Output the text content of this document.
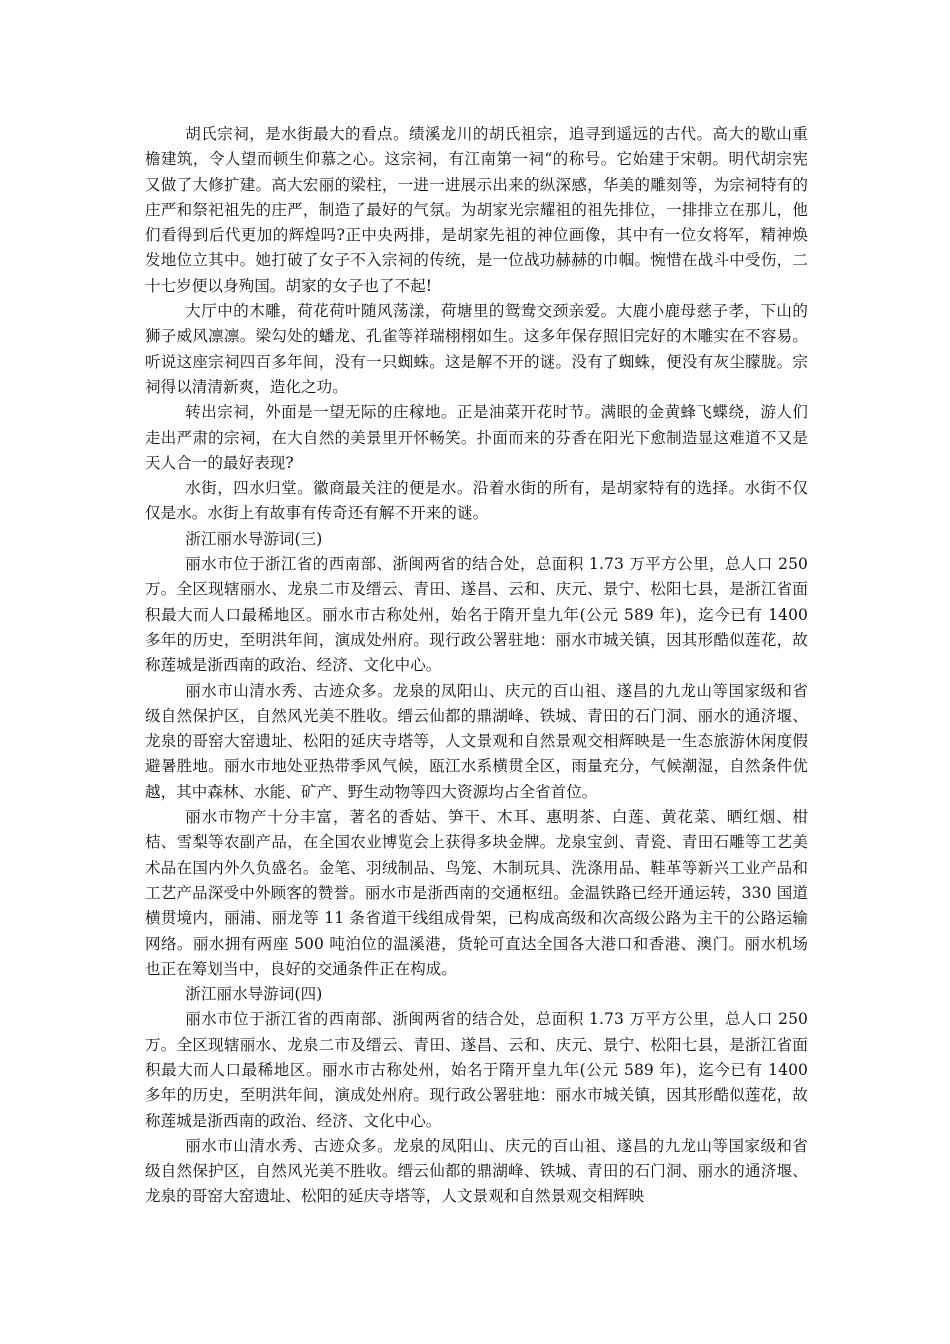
胡氏宗祠，是水街最大的看点。绩溪龙川的胡氏祖宗，追寻到遥远的古代。高大的歇山重檐建筑，令人望而顿生仰慕之心。这宗祠，有江南第一祠“的称号。它始建于宋朝。明代胡宗宪又做了大修扩建。高大宏丽的梁柱，一进一进展示出来的纵深感，华美的雕刻等，为宗祠特有的庄严和祭祀祖先的庄严，制造了最好的气氛。为胡家光宗耀祖的祖先排位，一排排立在那儿，他们看得到后代更加的辉煌吗?正中央两排，是胡家先祖的神位画像，其中有一位女将军，精神焕发地位立其中。她打破了女子不入宗祠的传统，是一位战功赫赫的巾帼。惋惜在战斗中受伤，二十七岁便以身殉国。胡家的女子也了不起!

大厅中的木雕，荷花荷叶随风荡漾，荷塘里的鸳鸯交颈亲爱。大鹿小鹿母慈子孝，下山的狮子威风凛凛。梁勾处的蟠龙、孔雀等祥瑞栩栩如生。这多年保存照旧完好的木雕实在不容易。听说这座宗祠四百多年间，没有一只蜘蛛。这是解不开的谜。没有了蜘蛛，便没有灰尘朦胧。宗祠得以清清新爽，造化之功。

转出宗祠，外面是一望无际的庄稼地。正是油菜开花时节。满眼的金黄蜂飞蝶绕，游人们走出严肃的宗祠，在大自然的美景里开怀畅笑。扑面而来的芬香在阳光下愈制造显这难道不又是天人合一的最好表现?

水街，四水归堂。徽商最关注的便是水。沿着水街的所有，是胡家特有的选择。水街不仅仅是水。水街上有故事有传奇还有解不开来的谜。

浙江丽水导游词(三)

丽水市位于浙江省的西南部、浙闽两省的结合处，总面积 1.73 万平方公里，总人口 250 万。全区现辖丽水、龙泉二市及缙云、青田、遂昌、云和、庆元、景宁、松阳七县，是浙江省面积最大而人口最稀地区。丽水市古称处州，始名于隋开皇九年(公元 589 年)，迄今已有 1400 多年的历史，至明洪年间，演成处州府。现行政公署驻地：丽水市城关镇，因其形酷似莲花，故称莲城是浙西南的政治、经济、文化中心。

丽水市山清水秀、古迹众多。龙泉的凤阳山、庆元的百山祖、遂昌的九龙山等国家级和省级自然保护区，自然风光美不胜收。缙云仙都的鼎湖峰、铁城、青田的石门洞、丽水的通济堰、龙泉的哥窑大窑遗址、松阳的延庆寺塔等，人文景观和自然景观交相辉映是一生态旅游休闲度假避暑胜地。丽水市地处亚热带季风气候，瓯江水系横贯全区，雨量充分，气候潮湿，自然条件优越，其中森林、水能、矿产、野生动物等四大资源均占全省首位。

丽水市物产十分丰富，著名的香姑、笋干、木耳、惠明茶、白莲、黄花菜、晒红烟、柑桔、雪梨等农副产品，在全国农业博览会上获得多块金牌。龙泉宝剑、青瓷、青田石雕等工艺美术品在国内外久负盛名。金笔、羽绒制品、鸟笼、木制玩具、洗涤用品、鞋革等新兴工业产品和工艺产品深受中外顾客的赞誉。丽水市是浙西南的交通枢纽。金温铁路已经开通运转，330 国道横贯境内，丽浦、丽龙等 11 条省道干线组成骨架，已构成高级和次高级公路为主干的公路运输网络。丽水拥有两座 500 吨泊位的温溪港，货轮可直达全国各大港口和香港、澳门。丽水机场也正在筹划当中，良好的交通条件正在构成。

浙江丽水导游词(四)

丽水市位于浙江省的西南部、浙闽两省的结合处，总面积 1.73 万平方公里，总人口 250 万。全区现辖丽水、龙泉二市及缙云、青田、遂昌、云和、庆元、景宁、松阳七县，是浙江省面积最大而人口最稀地区。丽水市古称处州，始名于隋开皇九年(公元 589 年)，迄今已有 1400 多年的历史，至明洪年间，演成处州府。现行政公署驻地：丽水市城关镇，因其形酷似莲花，故称莲城是浙西南的政治、经济、文化中心。

丽水市山清水秀、古迹众多。龙泉的凤阳山、庆元的百山祖、遂昌的九龙山等国家级和省级自然保护区，自然风光美不胜收。缙云仙都的鼎湖峰、铁城、青田的石门洞、丽水的通济堰、龙泉的哥窑大窑遗址、松阳的延庆寺塔等，人文景观和自然景观交相辉映
